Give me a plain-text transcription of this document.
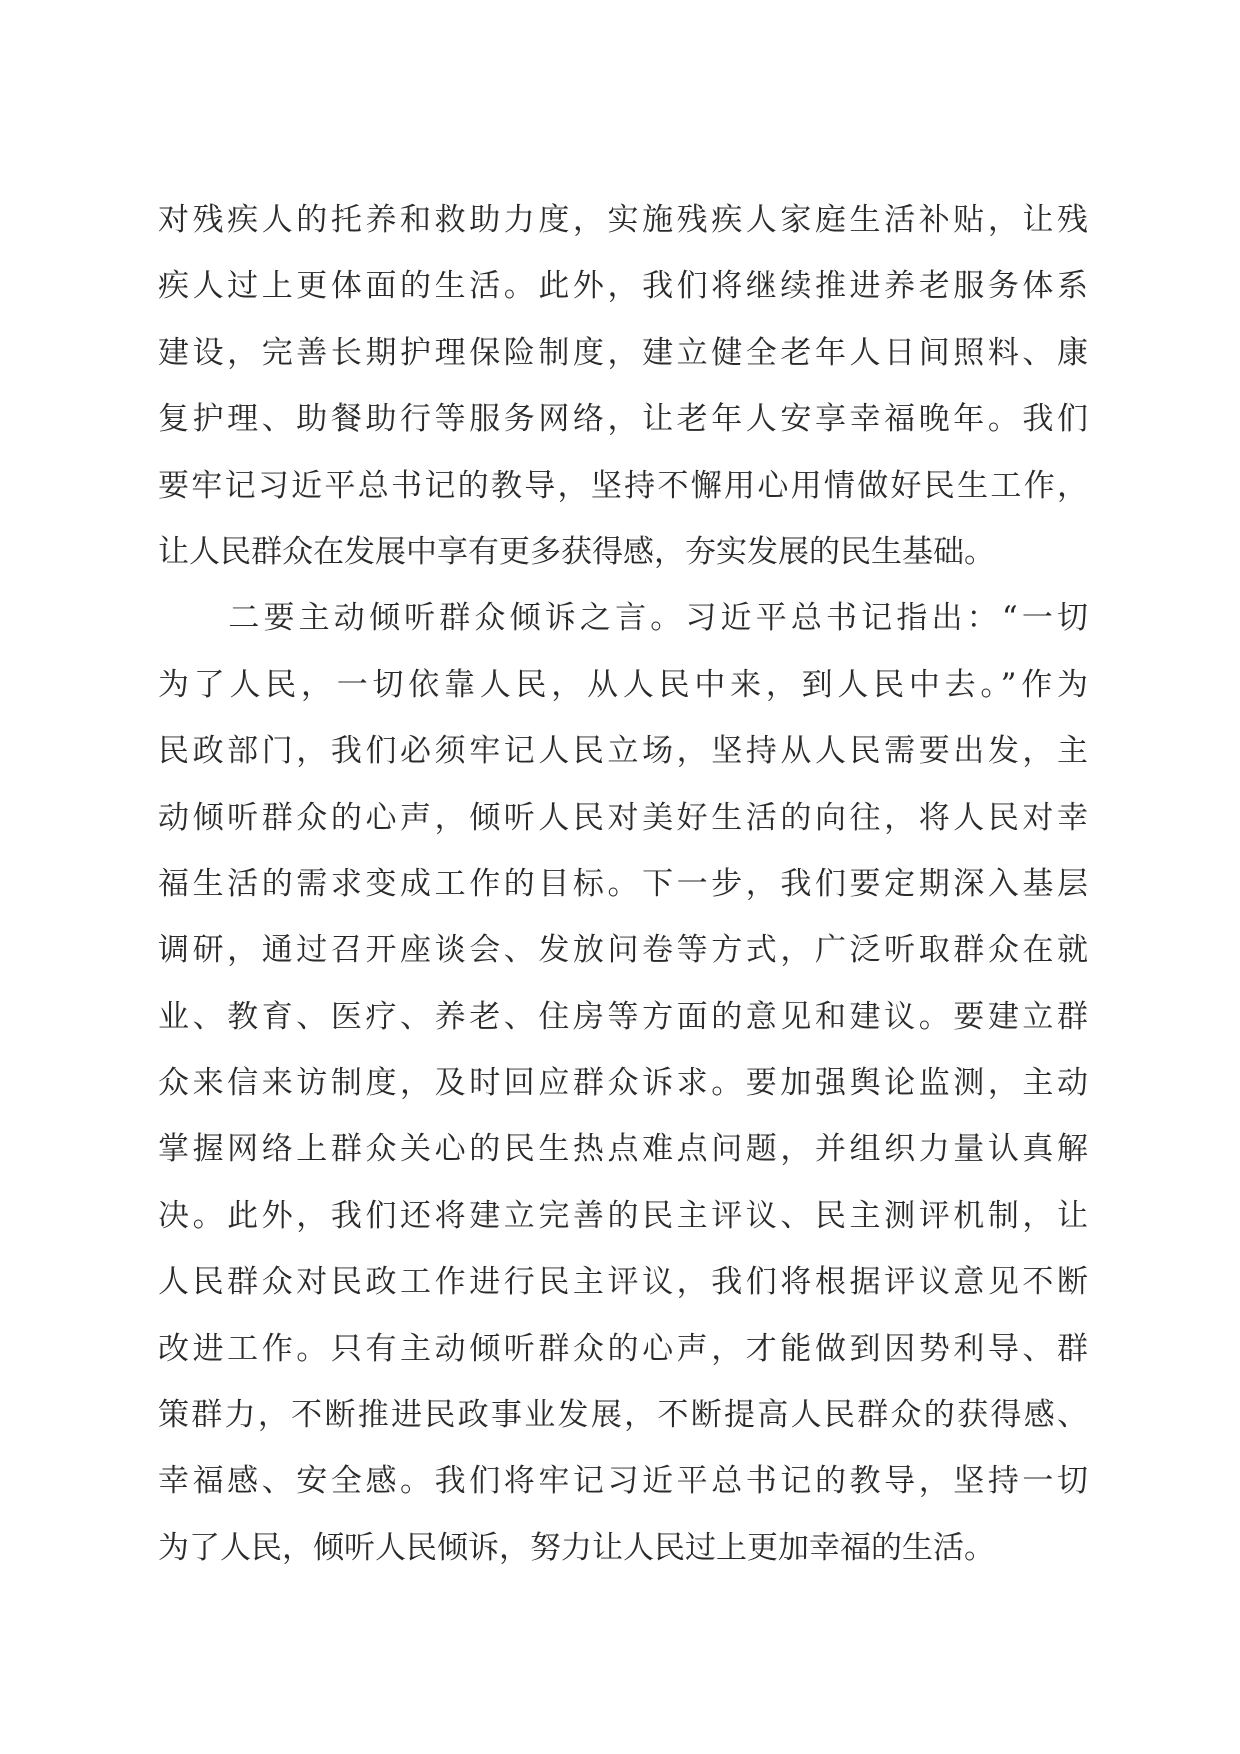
对残疾人的托养和救助力度，实施残疾人家庭生活补贴，让残
疾人过上更体面的生活。此外，我们将继续推进养老服务体系
建设，完善长期护理保险制度，建立健全老年人日间照料、康
复护理、助餐助行等服务网络，让老年人安享幸福晚年。我们
要牢记习近平总书记的教导，坚持不懈用心用情做好民生工作，
让人民群众在发展中享有更多获得感，夯实发展的民生基础。
　　二要主动倾听群众倾诉之言。习近平总书记指出：“一切
为了人民，一切依靠人民，从人民中来，到人民中去。”作为
民政部门，我们必须牢记人民立场，坚持从人民需要出发，主
动倾听群众的心声，倾听人民对美好生活的向往，将人民对幸
福生活的需求变成工作的目标。下一步，我们要定期深入基层
调研，通过召开座谈会、发放问卷等方式，广泛听取群众在就
业、教育、医疗、养老、住房等方面的意见和建议。要建立群
众来信来访制度，及时回应群众诉求。要加强舆论监测，主动
掌握网络上群众关心的民生热点难点问题，并组织力量认真解
决。此外，我们还将建立完善的民主评议、民主测评机制，让
人民群众对民政工作进行民主评议，我们将根据评议意见不断
改进工作。只有主动倾听群众的心声，才能做到因势利导、群
策群力，不断推进民政事业发展，不断提高人民群众的获得感、
幸福感、安全感。我们将牢记习近平总书记的教导，坚持一切
为了人民，倾听人民倾诉，努力让人民过上更加幸福的生活。
